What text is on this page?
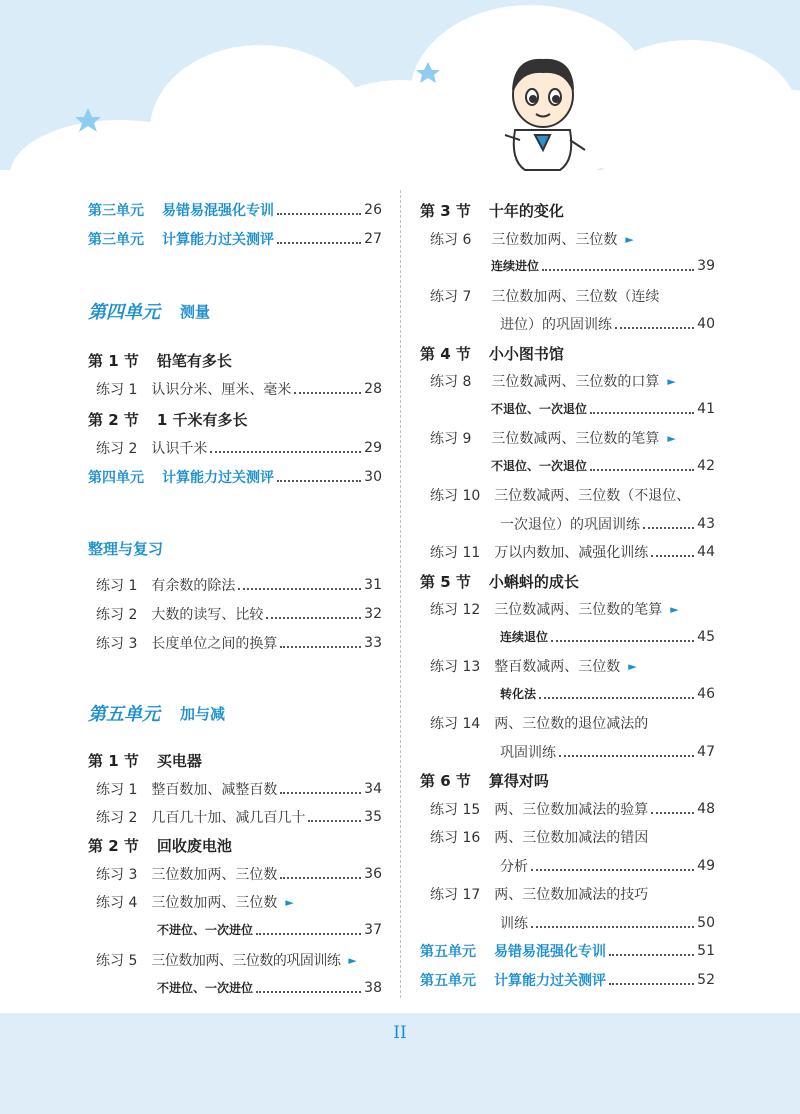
第三单元 易错易混强化专训	26
第三单元 计算能力过关测评	27
第四单元 测量
第 1 节 铅笔有多长
练习 1 认识分米、厘米、毫米	28
第 2 节 1 千米有多长
练习 2 认识千米	29
第四单元 计算能力过关测评	30
整理与复习
练习 1 有余数的除法	31
练习 2 大数的读写、比较	32
练习 3 长度单位之间的换算	33
第五单元 加与减
第 1 节 买电器
练习 1 整百数加、减整百数	34
练习 2 几百几十加、减几百几十	35
第 2 节 回收废电池
练习 3 三位数加两、三位数	36
练习 4 三位数加两、三位数 ►
不进位、一次进位	37
练习 5 三位数加两、三位数的巩固训练 ►
不进位、一次进位	38
第 3 节 十年的变化
练习 6 三位数加两、三位数 ►
连续进位	39
练习 7 三位数加两、三位数（连续
进位）的巩固训练	40
第 4 节 小小图书馆
练习 8 三位数减两、三位数的口算 ►
不退位、一次退位	41
练习 9 三位数减两、三位数的笔算 ►
不退位、一次退位	42
练习 10 三位数减两、三位数（不退位、
一次退位）的巩固训练	43
练习 11 万以内数加、减强化训练	44
第 5 节 小蝌蚪的成长
练习 12 三位数减两、三位数的笔算 ►
连续退位	45
练习 13 整百数减两、三位数 ►
转化法	46
练习 14 两、三位数的退位减法的
巩固训练	47
第 6 节 算得对吗
练习 15 两、三位数加减法的验算	48
练习 16 两、三位数加减法的错因
分析	49
练习 17 两、三位数加减法的技巧
训练	50
第五单元 易错易混强化专训	51
第五单元 计算能力过关测评	52
II
